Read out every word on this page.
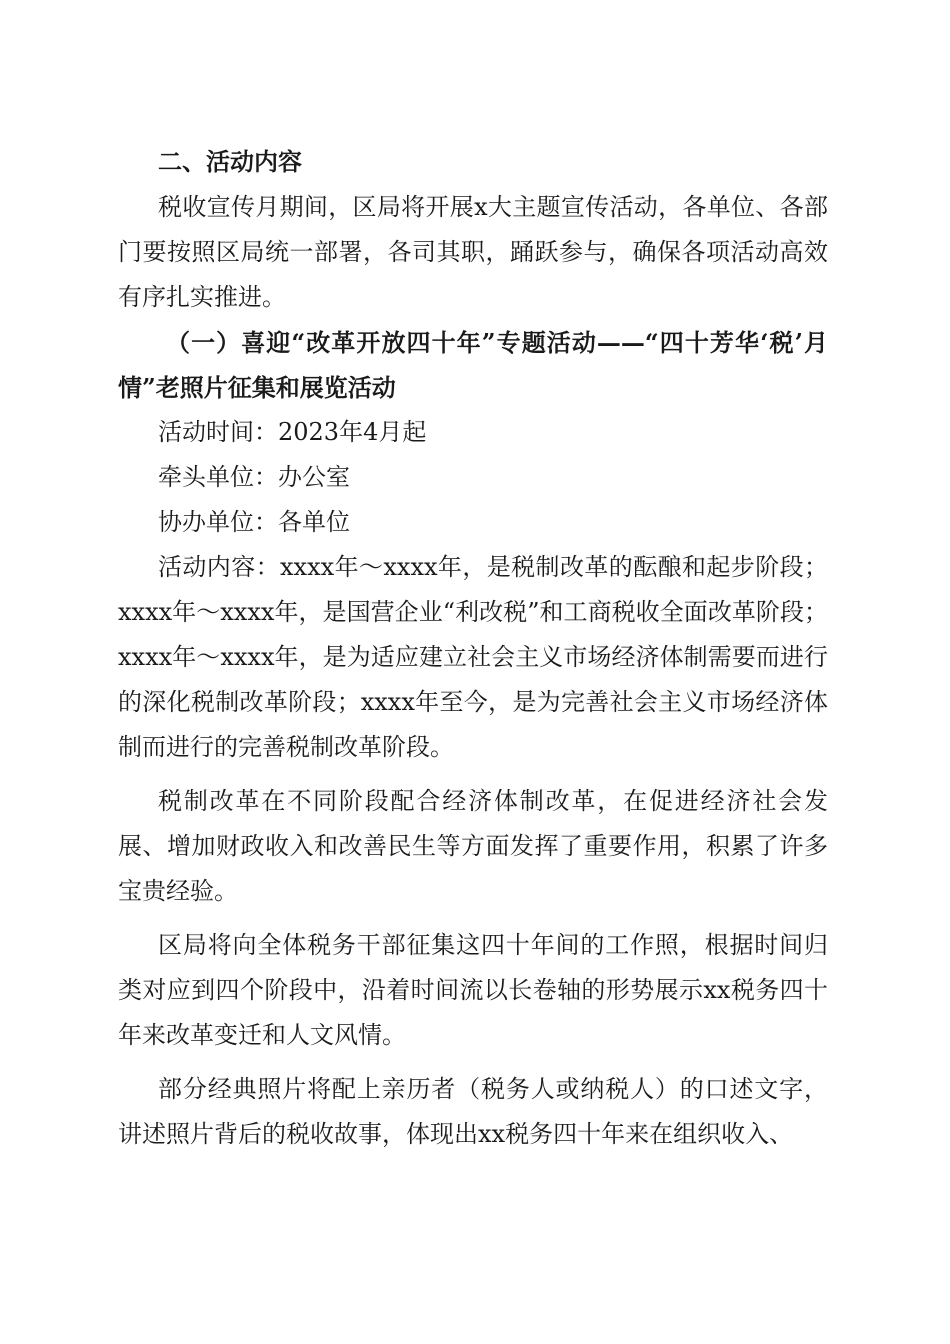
二、活动内容

税收宣传月期间，区局将开展x大主题宣传活动，各单位、各部门要按照区局统一部署，各司其职，踊跃参与，确保各项活动高效有序扎实推进。

（一）喜迎“改革开放四十年”专题活动——“四十芳华‘税’月情”老照片征集和展览活动

活动时间：2023年4月起

牵头单位：办公室

协办单位：各单位

活动内容：xxxx年～xxxx年，是税制改革的酝酿和起步阶段；xxxx年～xxxx年，是国营企业“利改税”和工商税收全面改革阶段；xxxx年～xxxx年，是为适应建立社会主义市场经济体制需要而进行的深化税制改革阶段；xxxx年至今，是为完善社会主义市场经济体制而进行的完善税制改革阶段。

税制改革在不同阶段配合经济体制改革，在促进经济社会发展、增加财政收入和改善民生等方面发挥了重要作用，积累了许多宝贵经验。

区局将向全体税务干部征集这四十年间的工作照，根据时间归类对应到四个阶段中，沿着时间流以长卷轴的形势展示xx税务四十年来改革变迁和人文风情。

部分经典照片将配上亲历者（税务人或纳税人）的口述文字，讲述照片背后的税收故事，体现出xx税务四十年来在组织收入、
